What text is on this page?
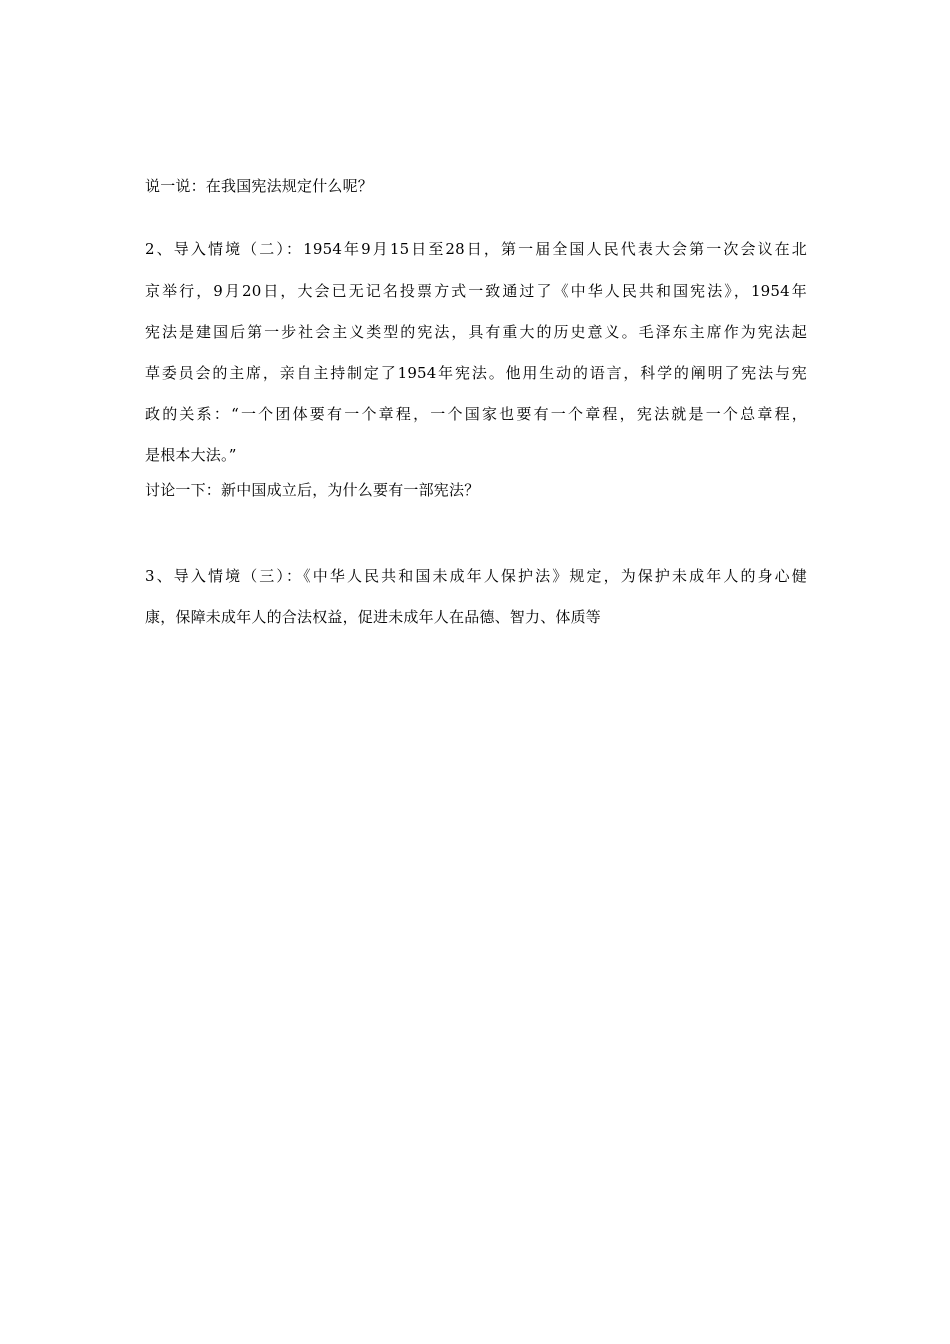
说一说：在我国宪法规定什么呢？
2、导入情境（二）：1954年9月15日至28日，第一届全国人民代表大会第一次会议在北
京举行，9月20日，大会已无记名投票方式一致通过了《中华人民共和国宪法》，1954年
宪法是建国后第一步社会主义类型的宪法，具有重大的历史意义。毛泽东主席作为宪法起
草委员会的主席，亲自主持制定了1954年宪法。他用生动的语言，科学的阐明了宪法与宪
政的关系：“一个团体要有一个章程，一个国家也要有一个章程，宪法就是一个总章程，
是根本大法。”
讨论一下：新中国成立后，为什么要有一部宪法？
3、导入情境（三）：《中华人民共和国未成年人保护法》规定，为保护未成年人的身心健
康，保障未成年人的合法权益，促进未成年人在品德、智力、体质等
